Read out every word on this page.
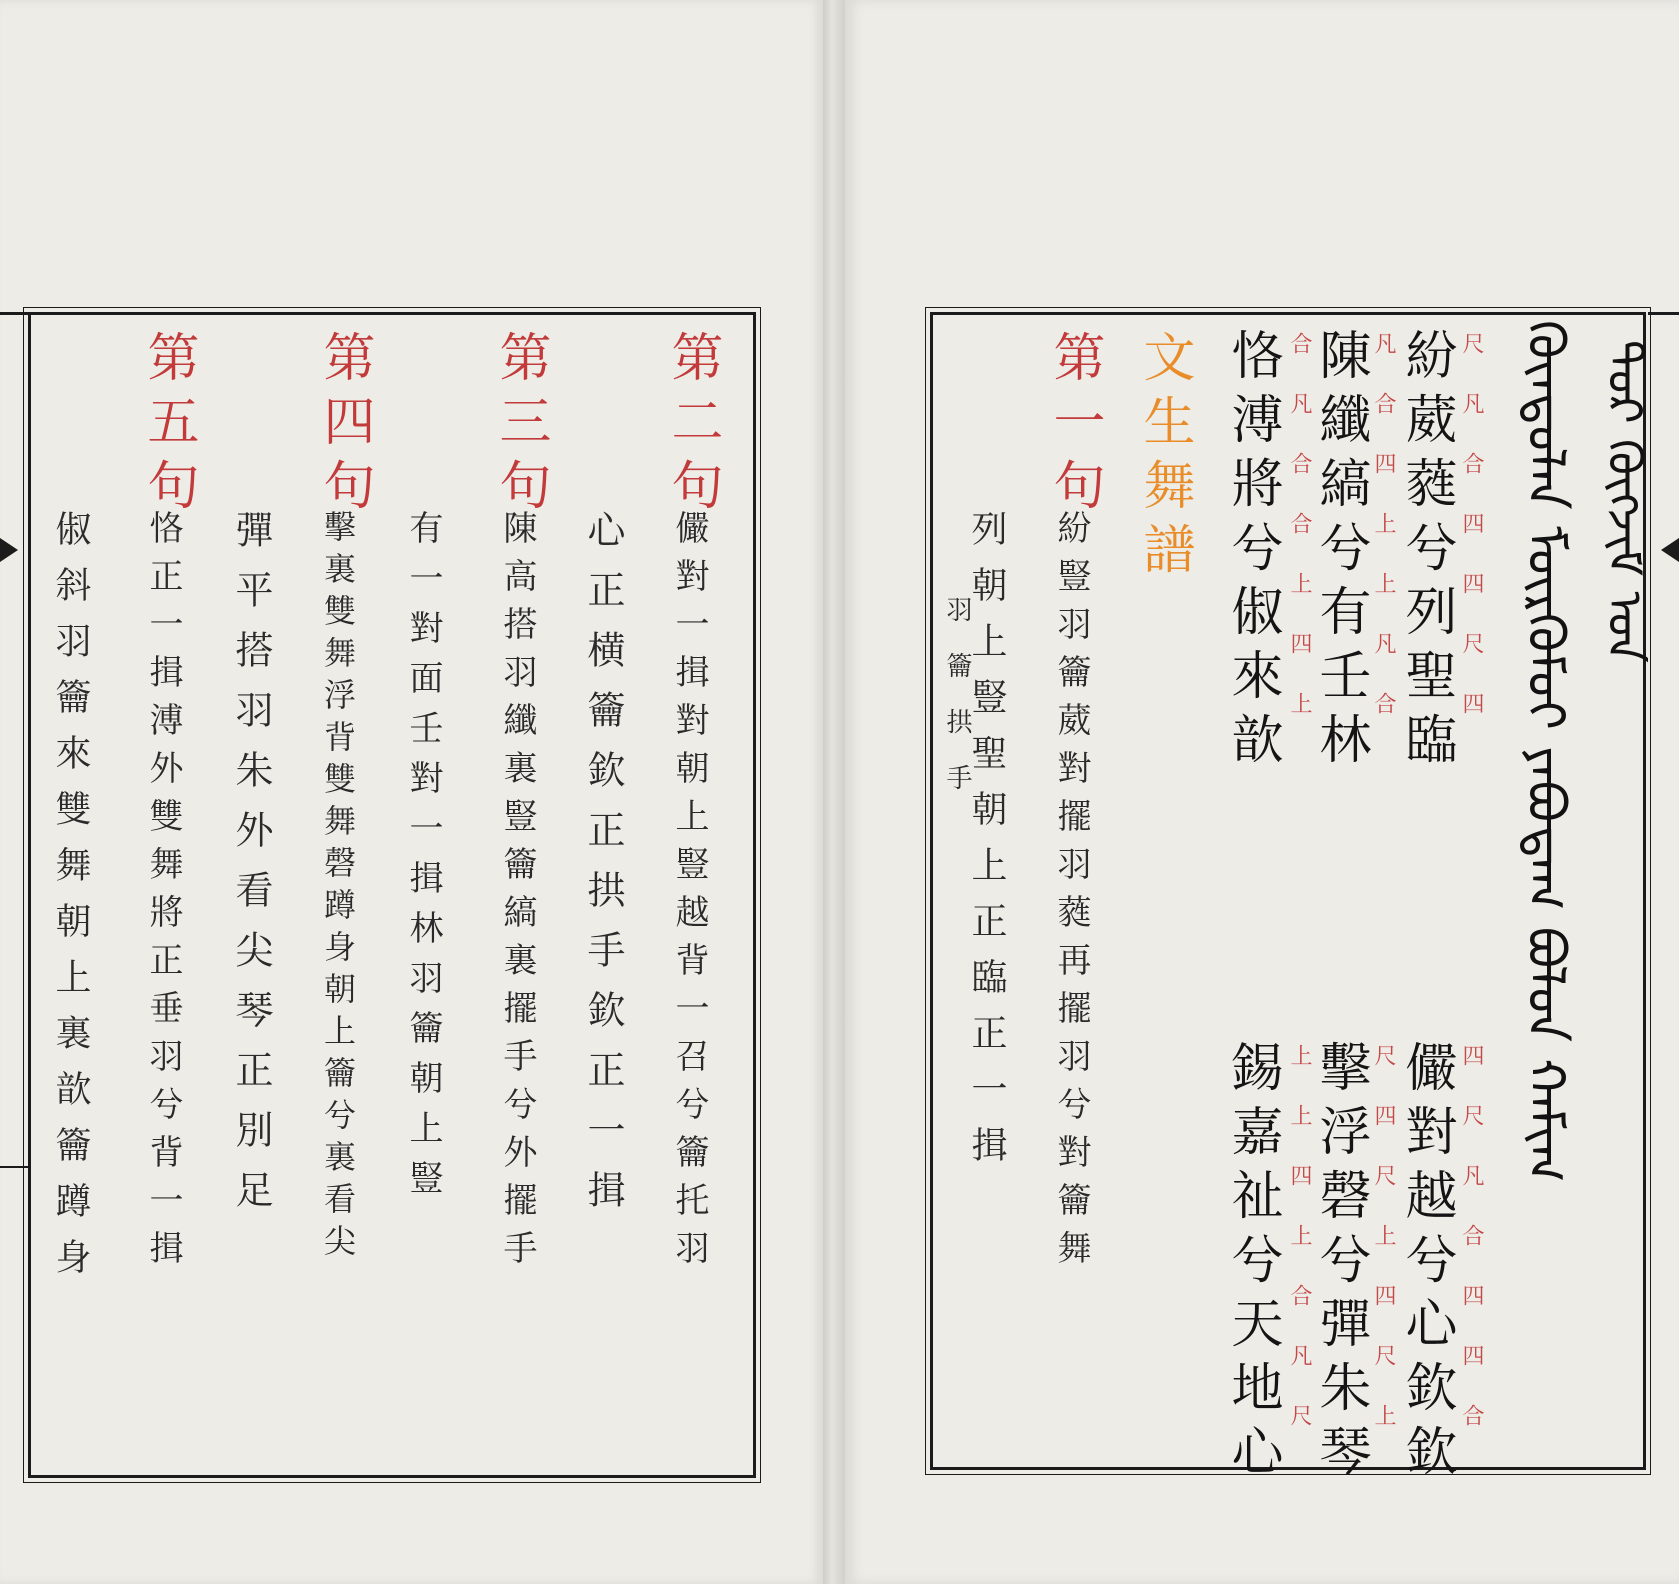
第二句
儼對一揖對朝上豎越背一召兮籥托羽
心正横籥欽正拱手欽正一揖
第三句
陳高搭羽纖裏豎籥縞裏擺手兮外擺手
有一對面壬對一揖林羽籥朝上豎
第四句
擊裏雙舞浮背雙舞磬蹲身朝上籥兮裏看尖
彈平搭羽朱外看尖琴正別足
第五句
恪正一揖溥外雙舞將正垂羽兮背一揖
俶斜羽籥來雙舞朝上裏歆籥蹲身
ᠲᠤᠷ ᠬᠦᠭᠵᠢᠮ ᠤᠨ
ᠬᠦᠨᠳᠦᠯᠡᠨ ᠮᠦᠷᠭᠦᠮᠦᠢ ᠶᠠᠪᠤᠳᠠᠭ ᠪᠣᠯᠤᠨ ᠬᠠᠮᠢᠭ
尺凡合四四尺四
紛葳蕤兮列聖臨
凡合四上上凡合
陳纖縞兮有壬林
合凡合合上四上
恪溥將兮俶來歆
四尺凡合四四合
儼對越兮心欽欽
尺四尺上四尺上
擊浮磬兮彈朱琴
上上四上合凡尺
錫嘉祉兮天地心
文生舞譜
第一句
紛豎羽籥葳對擺羽蕤再擺羽兮對籥舞
列朝上豎聖朝上正臨正一揖
羽籥拱手
